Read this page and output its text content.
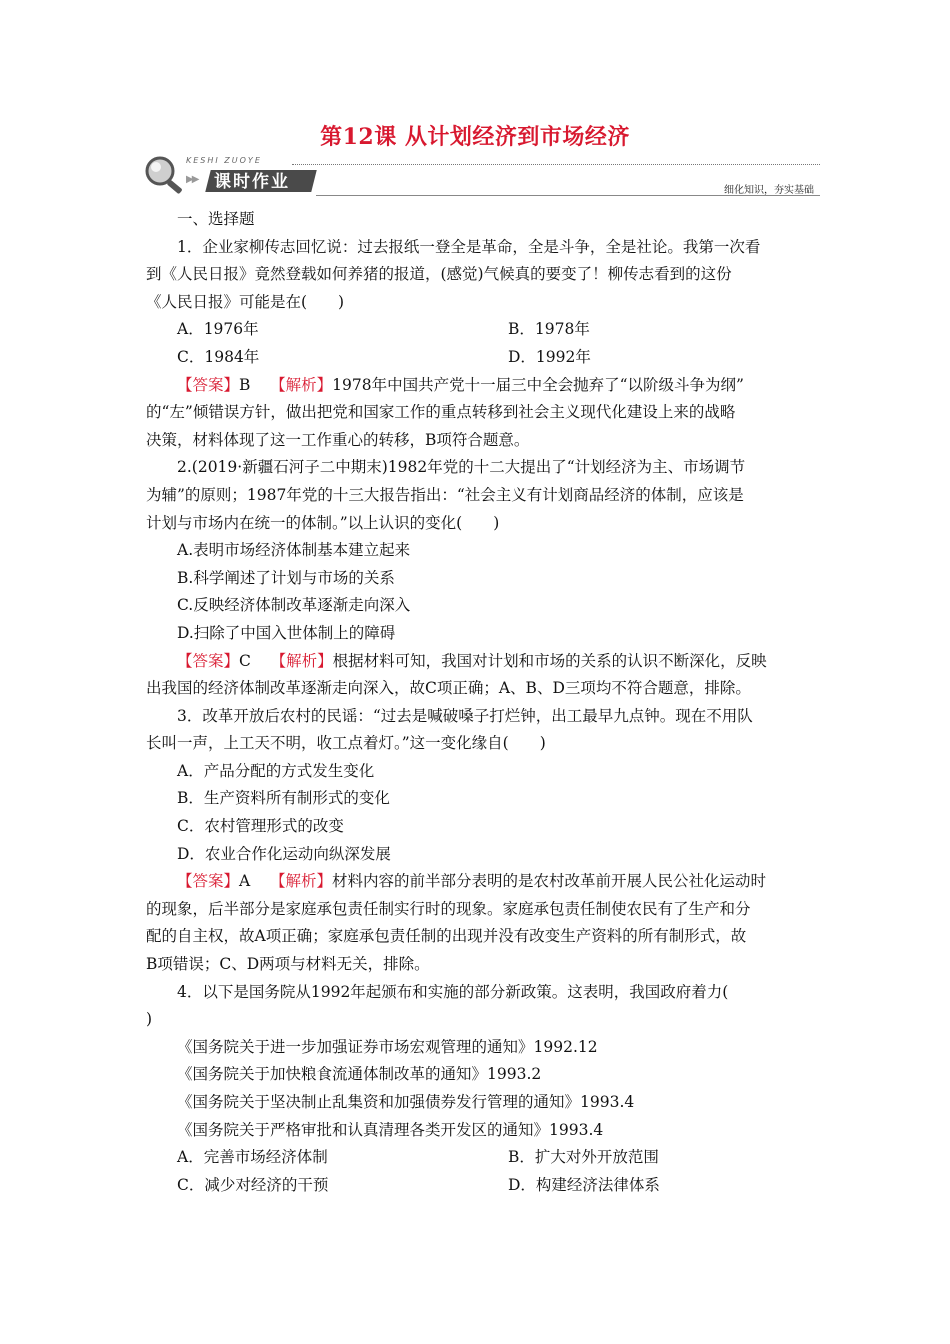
第12课 从计划经济到市场经济
KESHI ZUOYE
▶▶ 课时作业	细化知识，夯实基础
一、选择题
1．企业家柳传志回忆说：过去报纸一登全是革命，全是斗争，全是社论。我第一次看
到《人民日报》竟然登载如何养猪的报道，(感觉)气候真的要变了！柳传志看到的这份
《人民日报》可能是在(　　)
A．1976年	B．1978年
C．1984年	D．1992年
【答案】B 【解析】1978年中国共产党十一届三中全会抛弃了“以阶级斗争为纲”
的“左”倾错误方针，做出把党和国家工作的重点转移到社会主义现代化建设上来的战略
决策，材料体现了这一工作重心的转移，B项符合题意。
2.(2019·新疆石河子二中期末)1982年党的十二大提出了“计划经济为主、市场调节
为辅”的原则；1987年党的十三大报告指出：“社会主义有计划商品经济的体制，应该是
计划与市场内在统一的体制。”以上认识的变化(　　)
A.表明市场经济体制基本建立起来
B.科学阐述了计划与市场的关系
C.反映经济体制改革逐渐走向深入
D.扫除了中国入世体制上的障碍
【答案】C 【解析】根据材料可知，我国对计划和市场的关系的认识不断深化，反映
出我国的经济体制改革逐渐走向深入，故C项正确；A、B、D三项均不符合题意，排除。
3．改革开放后农村的民谣：“过去是喊破嗓子打烂钟，出工最早九点钟。现在不用队
长叫一声，上工天不明，收工点着灯。”这一变化缘自(　　)
A．产品分配的方式发生变化
B．生产资料所有制形式的变化
C．农村管理形式的改变
D．农业合作化运动向纵深发展
【答案】A 【解析】材料内容的前半部分表明的是农村改革前开展人民公社化运动时
的现象，后半部分是家庭承包责任制实行时的现象。家庭承包责任制使农民有了生产和分
配的自主权，故A项正确；家庭承包责任制的出现并没有改变生产资料的所有制形式，故
B项错误；C、D两项与材料无关，排除。
4．以下是国务院从1992年起颁布和实施的部分新政策。这表明，我国政府着力(
)
《国务院关于进一步加强证券市场宏观管理的通知》1992.12
《国务院关于加快粮食流通体制改革的通知》1993.2
《国务院关于坚决制止乱集资和加强债券发行管理的通知》1993.4
《国务院关于严格审批和认真清理各类开发区的通知》1993.4
A．完善市场经济体制	B．扩大对外开放范围
C．减少对经济的干预	D．构建经济法律体系
